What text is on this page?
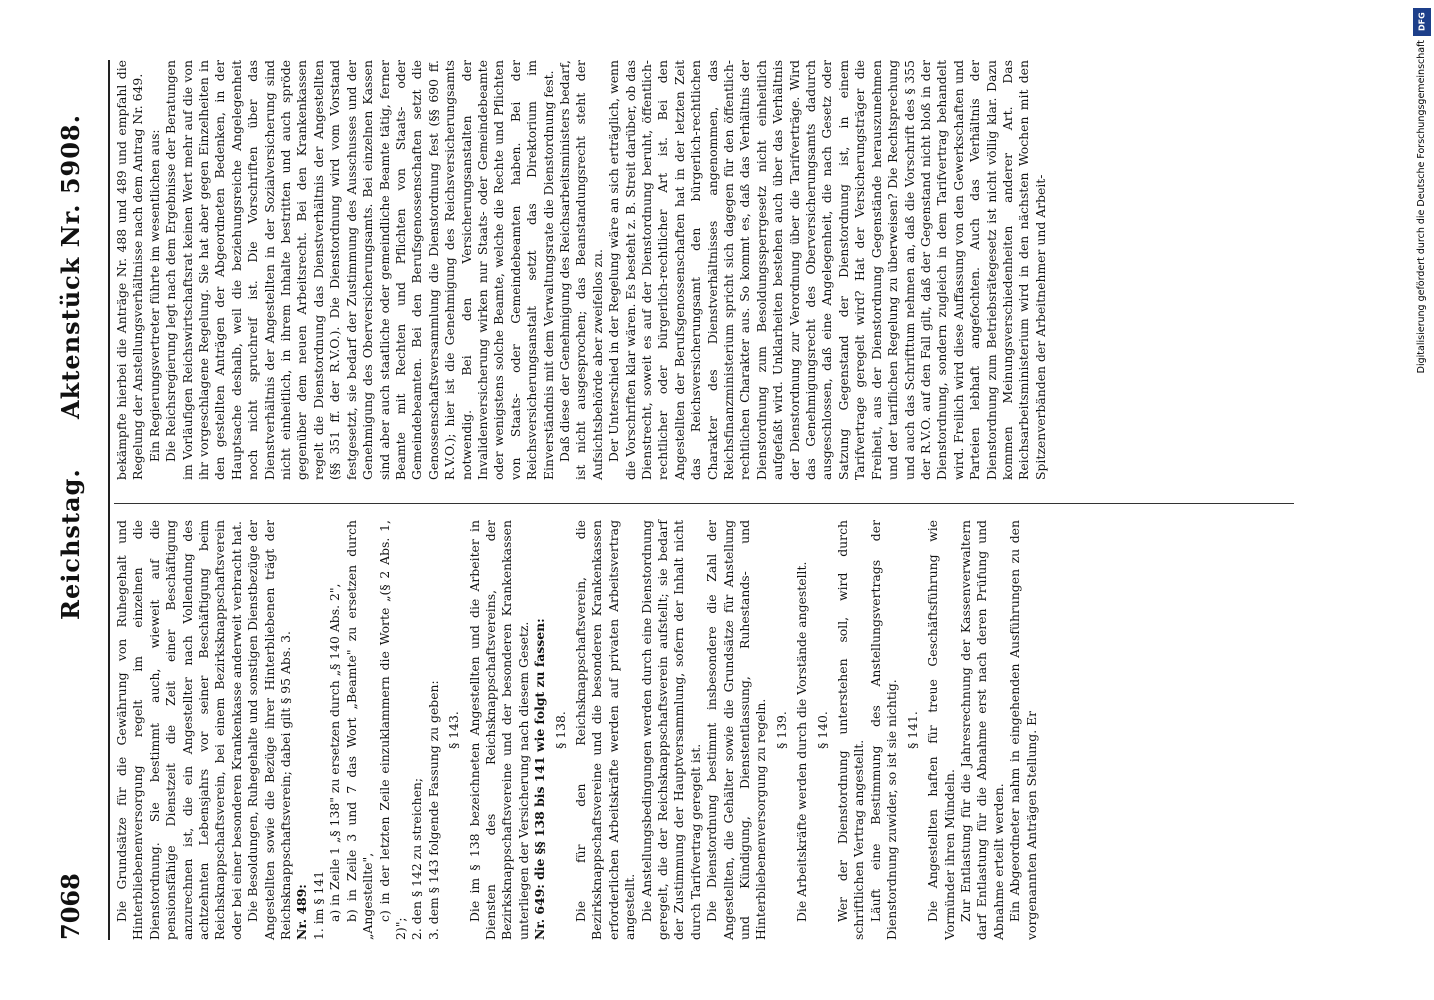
7068
Reichstag. Aktenstück Nr. 5908.

Die Grundsätze für die Gewährung von Ruhegehalt und Hinterbliebenenversorgung regelt im einzelnen die Dienstordnung. Sie bestimmt auch, wieweit auf die pensionsfähige Dienstzeit die Zeit einer Beschäftigung anzurechnen ist, die ein Angestellter nach Vollendung des achtzehnten Lebensjahrs vor seiner Beschäftigung beim Reichsknappschaftsverein, bei einem Bezirksknappschaftsverein oder bei einer besonderen Krankenkasse anderweit verbracht hat. Die Besoldungen, Ruhegehalte und sonstigen Dienstbezüge der Angestellten sowie die Bezüge ihrer Hinterbliebenen trägt der Reichsknappschaftsverein; dabei gilt § 95 Abs. 3. Nr. 489: 1. im § 141 a) in Zeile 1 „§ 138" zu ersetzen durch „§ 140 Abs. 2", b) in Zeile 3 und 7 das Wort „Beamte" zu ersetzen durch „Angestellte", c) in der letzten Zeile einzuklammern die Worte „(§ 2 Abs. 1, 2)"; 2. den § 142 zu streichen; 3. dem § 143 folgende Fassung zu geben: § 143. Die im § 138 bezeichneten Angestellten und die Arbeiter in Diensten des Reichsknappschaftsvereins, der Bezirksknappschaftsvereine und der besonderen Krankenkassen unterliegen der Versicherung nach diesem Gesetz. Nr. 649: die §§ 138 bis 141 wie folgt zu fassen: § 138. Die für den Reichsknappschaftsverein, die Bezirksknappschaftsvereine und die besonderen Krankenkassen erforderlichen Arbeitskräfte werden auf privaten Arbeitsvertrag angestellt. Die Anstellungsbedingungen werden durch eine Dienstordnung geregelt, die der Reichsknappschaftsverein aufstellt; sie bedarf der Zustimmung der Hauptversammlung, sofern der Inhalt nicht durch Tarifvertrag geregelt ist. Die Dienstordnung bestimmt insbesondere die Zahl der Angestellten, die Gehälter sowie die Grundsätze für Anstellung und Kündigung, Dienstentlassung, Ruhestands- und Hinterbliebenenversorgung zu regeln. § 139. Die Arbeitskräfte werden durch die Vorstände angestellt. § 140. Wer der Dienstordnung unterstehen soll, wird durch schriftlichen Vertrag angestellt. Läuft eine Bestimmung des Anstellungsvertrags der Dienstordnung zuwider, so ist sie nichtig. § 141. Die Angestellten haften für treue Geschäftsführung wie Vormünder ihren Mündeln. Zur Entlastung für die Jahresrechnung der Kassenverwaltern darf Entlastung für die Abnahme erst nach deren Prüfung und Abnahme erteilt werden. Ein Abgeordneter nahm in eingehenden Ausführungen zu den vorgenannten Anträgen Stellung. Er

bekämpfte hierbei die Anträge Nr. 488 und 489 und empfahl die Regelung der Anstellungsverhältnisse nach dem Antrag Nr. 649. Ein Regierungsvertreter führte im wesentlichen aus: Die Reichsregierung legt nach dem Ergebnisse der Beratungen im Vorläufigen Reichswirtschaftsrat keinen Wert mehr auf die von ihr vorgeschlagene Regelung. Sie hat aber gegen Einzelheiten in den gestellten Anträgen der Abgeordneten Bedenken, in der Hauptsache deshalb, weil die beziehungsreiche Angelegenheit noch nicht spruchreif ist. Die Vorschriften über das Dienstverhältnis der Angestellten in der Sozialversicherung sind nicht einheitlich, in ihrem Inhalte bestritten und auch spröde gegenüber dem neuen Arbeitsrecht. Bei den Krankenkassen regelt die Dienstordnung das Dienstverhältnis der Angestellten (§§ 351 ff. der R.V.O.). Die Dienstordnung wird vom Vorstand festgesetzt, sie bedarf der Zustimmung des Ausschusses und der Genehmigung des Oberversicherungsamts. Bei einzelnen Kassen sind aber auch staatliche oder gemeindliche Beamte tätig, ferner Beamte mit Rechten und Pflichten von Staats- oder Gemeindebeamten. Bei den Berufsgenossenschaften setzt die Genossenschaftsversammlung die Dienstordnung fest (§§ 690 ff. R.V.O.); hier ist die Genehmigung des Reichsversicherungsamts notwendig. Bei den Versicherungsanstalten der Invalidenversicherung wirken nur Staats- oder Gemeindebeamte oder wenigstens solche Beamte, welche die Rechte und Pflichten von Staats- oder Gemeindebeamten haben. Bei der Reichsversicherungsanstalt setzt das Direktorium im Einverständnis mit dem Verwaltungsrate die Dienstordnung fest. Daß diese der Genehmigung des Reichsarbeitsministers bedarf, ist nicht ausgesprochen; das Beanstandungsrecht steht der Aufsichtsbehörde aber zweifellos zu. Der Unterschied in der Regelung wäre an sich erträglich, wenn die Vorschriften klar wären. Es besteht z. B. Streit darüber, ob das Dienstrecht, soweit es auf der Dienstordnung beruht, öffentlich-rechtlicher oder bürgerlich-rechtlicher Art ist. Bei den Angestellten der Berufsgenossenschaften hat in der letzten Zeit das Reichsversicherungsamt den bürgerlich-rechtlichen Charakter des Dienstverhältnisses angenommen, das Reichsfinanzministerium spricht sich dagegen für den öffentlich-rechtlichen Charakter aus. So kommt es, daß das Verhältnis der Dienstordnung zum Besoldungssperrgesetz nicht einheitlich aufgefaßt wird. Unklarheiten bestehen auch über das Verhältnis der Dienstordnung zur Verordnung über die Tarifverträge. Wird das Genehmigungsrecht des Oberversicherungsamts dadurch ausgeschlossen, daß eine Angelegenheit, die nach Gesetz oder Satzung Gegenstand der Dienstordnung ist, in einem Tarifvertrage geregelt wird? Hat der Versicherungsträger die Freiheit, aus der Dienstordnung Gegenstände herauszunehmen und der tariflichen Regelung zu überweisen? Die Rechtsprechung und auch das Schrifttum nehmen an, daß die Vorschrift des § 355 der R.V.O. auf den Fall gilt, daß der Gegenstand nicht bloß in der Dienstordnung, sondern zugleich in dem Tarifvertrag behandelt wird. Freilich wird diese Auffassung von den Gewerkschaften und Parteien lebhaft angefochten. Auch das Verhältnis der Dienstordnung zum Betriebsrätegesetz ist nicht völlig klar. Dazu kommen Meinungsverschiedenheiten anderer Art. Das Reichsarbeitsministerium wird in den nächsten Wochen mit den Spitzenverbänden der Arbeitnehmer und Arbeit-

DFG
Digitalisierung gefördert durch die Deutsche Forschungsgemeinschaft
